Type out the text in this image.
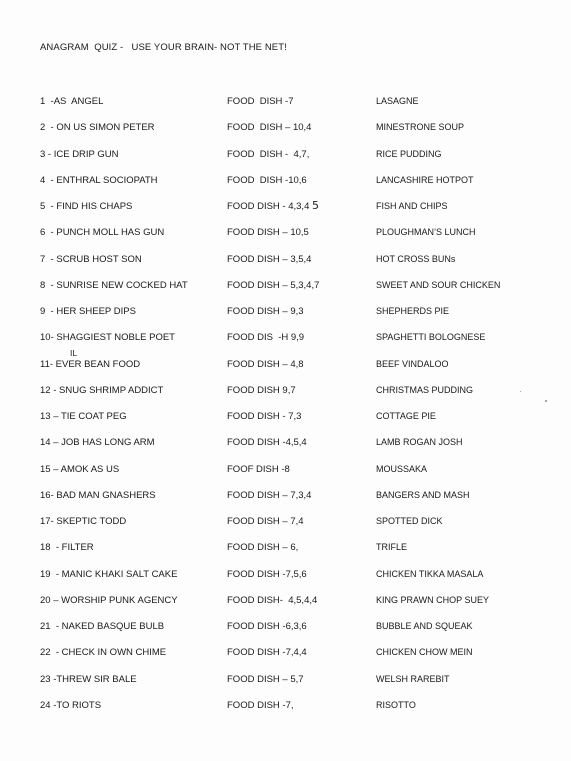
ANAGRAM  QUIZ -   USE YOUR BRAIN- NOT THE NET!
1  -AS  ANGEL	FOOD  DISH -7	LASAGNE
2  - ON US SIMON PETER	FOOD  DISH – 10,4	MINESTRONE SOUP
3 - ICE DRIP GUN	FOOD  DISH -  4,7,	RICE PUDDING
4  - ENTHRAL SOCIOPATH	FOOD  DISH -10,6	LANCASHIRE HOTPOT
5  - FIND HIS CHAPS	FOOD DISH - 4,3,4	FISH AND CHIPS
6  - PUNCH MOLL HAS GUN	FOOD DISH – 10,5	PLOUGHMAN’S LUNCH
7  - SCRUB HOST SON	FOOD DISH – 3,5,4	HOT CROSS BUNs
8  - SUNRISE NEW COCKED HAT	FOOD DISH – 5,3,4,7	SWEET AND SOUR CHICKEN
9  - HER SHEEP DIPS	FOOD DISH – 9,3	SHEPHERDS PIE
10- SHAGGIEST NOBLE POET	FOOD DIS  -H 9,9	SPAGHETTI BOLOGNESE
11- EVER BEAN FOOD	FOOD DISH – 4,8	BEEF VINDALOO
12 - SNUG SHRIMP ADDICT	FOOD DISH 9,7	CHRISTMAS PUDDING
13 – TIE COAT PEG	FOOD DISH - 7,3	COTTAGE PIE
14 – JOB HAS LONG ARM	FOOD DISH -4,5,4	LAMB ROGAN JOSH
15 – AMOK AS US	FOOF DISH -8	MOUSSAKA
16- BAD MAN GNASHERS	FOOD DISH – 7,3,4	BANGERS AND MASH
17- SKEPTIC TODD	FOOD DISH – 7,4	SPOTTED DICK
18  - FILTER	FOOD DISH – 6,	TRIFLE
19  - MANIC KHAKI SALT CAKE	FOOD DISH -7,5,6	CHICKEN TIKKA MASALA
20 – WORSHIP PUNK AGENCY	FOOD DISH-  4,5,4,4	KING PRAWN CHOP SUEY
21  - NAKED BASQUE BULB	FOOD DISH -6,3,6	BUBBLE AND SQUEAK
22  - CHECK IN OWN CHIME	FOOD DISH -7,4,4	CHICKEN CHOW MEIN
23 -THREW SIR BALE	FOOD DISH – 5,7	WELSH RAREBIT
24 -TO RIOTS	FOOD DISH -7,	RISOTTO
5
IL
